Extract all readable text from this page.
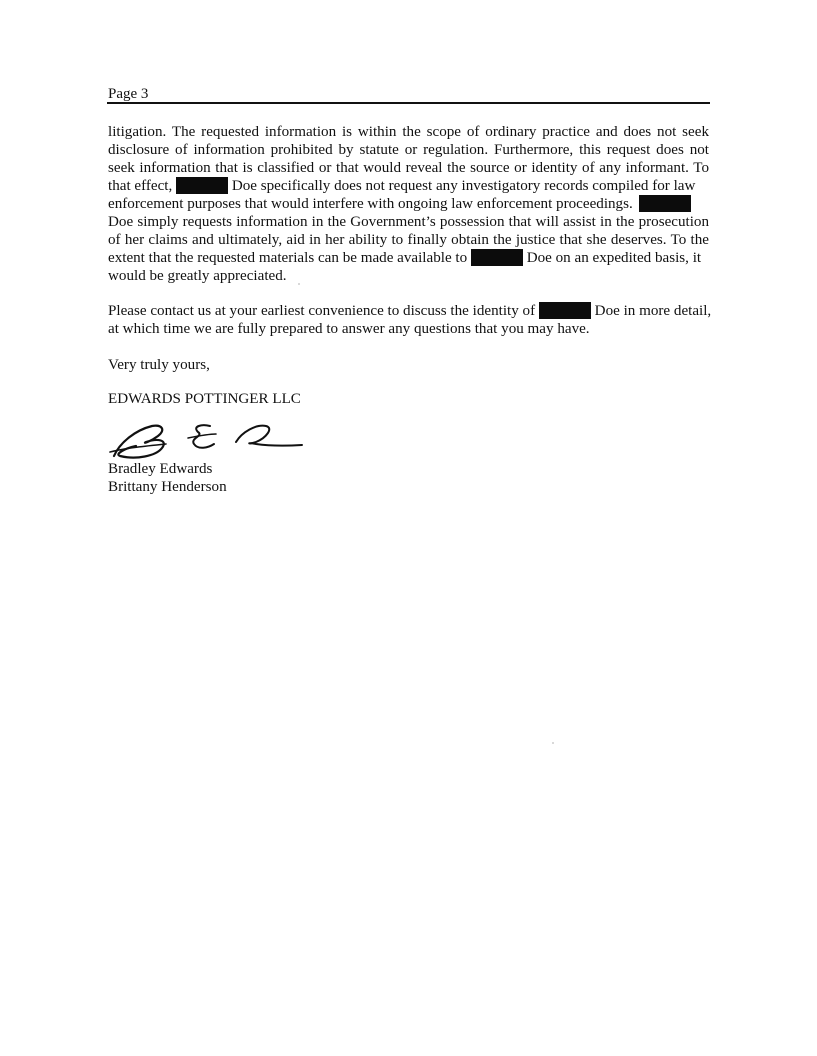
Page 3
litigation. The requested information is within the scope of ordinary practice and does not seek
disclosure of information prohibited by statute or regulation. Furthermore, this request does not
seek information that is classified or that would reveal the source or identity of any informant. To
that effect,	Doe specifically does not request any investigatory records compiled for law
enforcement purposes that would interfere with ongoing law enforcement proceedings.
Doe simply requests information in the Government’s possession that will assist in the prosecution
of her claims and ultimately, aid in her ability to finally obtain the justice that she deserves. To the
extent that the requested materials can be made available to	Doe on an expedited basis, it
would be greatly appreciated.
Please contact us at your earliest convenience to discuss the identity of	Doe in more detail,
at which time we are fully prepared to answer any questions that you may have.
Very truly yours,
EDWARDS POTTINGER LLC
Bradley Edwards
Brittany Henderson
